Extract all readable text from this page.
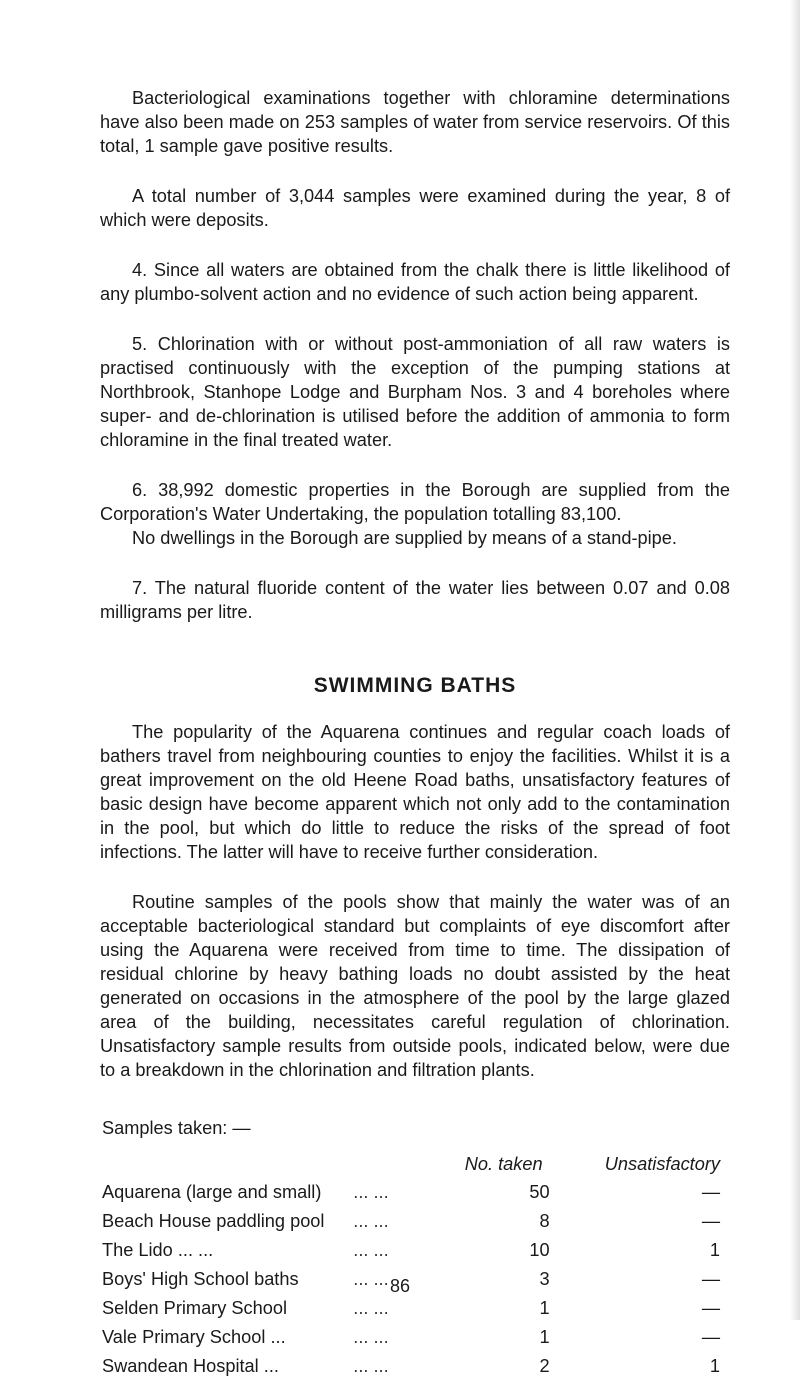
Bacteriological examinations together with chloramine determinations have also been made on 253 samples of water from service reservoirs. Of this total, 1 sample gave positive results.

A total number of 3,044 samples were examined during the year, 8 of which were deposits.

4. Since all waters are obtained from the chalk there is little likelihood of any plumbo-solvent action and no evidence of such action being apparent.

5. Chlorination with or without post-ammoniation of all raw waters is practised continuously with the exception of the pumping stations at Northbrook, Stanhope Lodge and Burpham Nos. 3 and 4 boreholes where super- and de-chlorination is utilised before the addition of ammonia to form chloramine in the final treated water.

6. 38,992 domestic properties in the Borough are supplied from the Corporation's Water Undertaking, the population totalling 83,100.

No dwellings in the Borough are supplied by means of a stand-pipe.

7. The natural fluoride content of the water lies between 0.07 and 0.08 milligrams per litre.

SWIMMING BATHS

The popularity of the Aquarena continues and regular coach loads of bathers travel from neighbouring counties to enjoy the facilities. Whilst it is a great improvement on the old Heene Road baths, unsatisfactory features of basic design have become apparent which not only add to the contamination in the pool, but which do little to reduce the risks of the spread of foot infections. The latter will have to receive further consideration.

Routine samples of the pools show that mainly the water was of an acceptable bacteriological standard but complaints of eye discomfort after using the Aquarena were received from time to time. The dissipation of residual chlorine by heavy bathing loads no doubt assisted by the heat generated on occasions in the atmosphere of the pool by the large glazed area of the building, necessitates careful regulation of chlorination. Unsatisfactory sample results from outside pools, indicated below, were due to a breakdown in the chlorination and filtration plants.

Samples taken: —
		No. taken	Unsatisfactory
Aquarena (large and small)	... ...	50	—
Beach House paddling pool	... ...	8	—
The Lido ... ...	... ...	10	1
Boys' High School baths	... ...	3	—
Selden Primary School	... ...	1	—
Vale Primary School ...	... ...	1	—
Swandean Hospital ...	... ...	2	1
86
